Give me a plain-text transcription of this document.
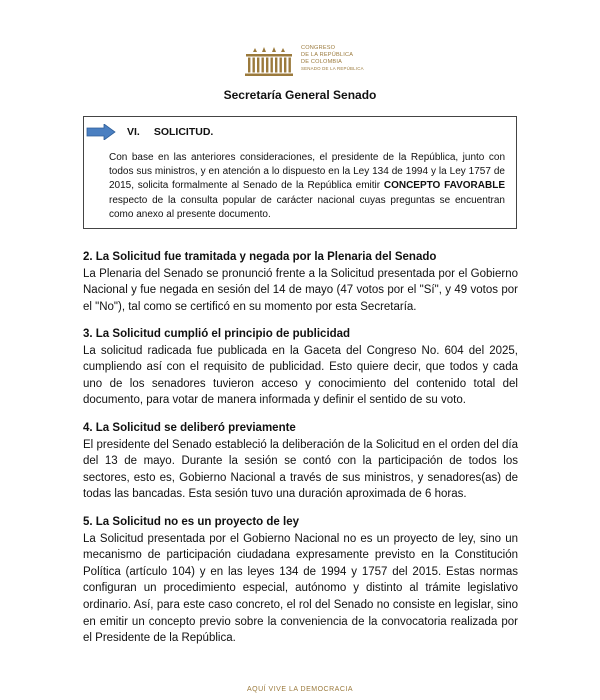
CONGRESO
DE LA REPÚBLICA
DE COLOMBIA
SENADO DE LA REPÚBLICA
Secretaría General Senado
VI. SOLICITUD.
Con base en las anteriores consideraciones, el presidente de la República, junto con todos sus ministros, y en atención a lo dispuesto en la Ley 134 de 1994 y la Ley 1757 de 2015, solicita formalmente al Senado de la República emitir CONCEPTO FAVORABLE respecto de la consulta popular de carácter nacional cuyas preguntas se encuentran como anexo al presente documento.
2. La Solicitud fue tramitada y negada por la Plenaria del Senado

La Plenaria del Senado se pronunció frente a la Solicitud presentada por el Gobierno Nacional y fue negada en sesión del 14 de mayo (47 votos por el "Sí", y 49 votos por el "No"), tal como se certificó en su momento por esta Secretaría.

3. La Solicitud cumplió el principio de publicidad

La solicitud radicada fue publicada en la Gaceta del Congreso No. 604 del 2025, cumpliendo así con el requisito de publicidad. Esto quiere decir, que todos y cada uno de los senadores tuvieron acceso y conocimiento del contenido total del documento, para votar de manera informada y definir el sentido de su voto.

4. La Solicitud se deliberó previamente

El presidente del Senado estableció la deliberación de la Solicitud en el orden del día del 13 de mayo. Durante la sesión se contó con la participación de todos los sectores, esto es, Gobierno Nacional a través de sus ministros, y senadores(as) de todas las bancadas. Esta sesión tuvo una duración aproximada de 6 horas.

5. La Solicitud no es un proyecto de ley

La Solicitud presentada por el Gobierno Nacional no es un proyecto de ley, sino un mecanismo de participación ciudadana expresamente previsto en la Constitución Política (artículo 104) y en las leyes 134 de 1994 y 1757 del 2015. Estas normas configuran un procedimiento especial, autónomo y distinto al trámite legislativo ordinario. Así, para este caso concreto, el rol del Senado no consiste en legislar, sino en emitir un concepto previo sobre la conveniencia de la convocatoria realizada por el Presidente de la República.

AQUÍ VIVE LA DEMOCRACIA
